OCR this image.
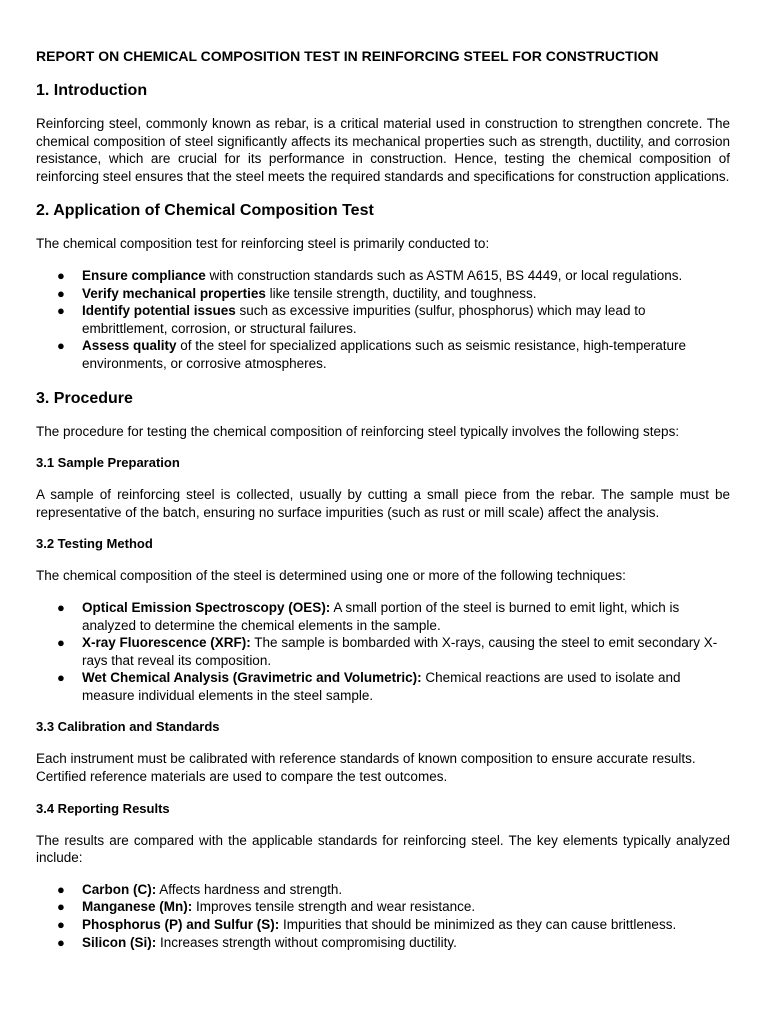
REPORT ON CHEMICAL COMPOSITION TEST IN REINFORCING STEEL FOR CONSTRUCTION
1. Introduction

Reinforcing steel, commonly known as rebar, is a critical material used in construction to strengthen concrete. The chemical composition of steel significantly affects its mechanical properties such as strength, ductility, and corrosion resistance, which are crucial for its performance in construction. Hence, testing the chemical composition of reinforcing steel ensures that the steel meets the required standards and specifications for construction applications.

2. Application of Chemical Composition Test

The chemical composition test for reinforcing steel is primarily conducted to:

● Ensure compliance with construction standards such as ASTM A615, BS 4449, or local regulations.
● Verify mechanical properties like tensile strength, ductility, and toughness.
● Identify potential issues such as excessive impurities (sulfur, phosphorus) which may lead to embrittlement, corrosion, or structural failures.
● Assess quality of the steel for specialized applications such as seismic resistance, high-temperature environments, or corrosive atmospheres.
3. Procedure

The procedure for testing the chemical composition of reinforcing steel typically involves the following steps:

3.1 Sample Preparation

A sample of reinforcing steel is collected, usually by cutting a small piece from the rebar. The sample must be representative of the batch, ensuring no surface impurities (such as rust or mill scale) affect the analysis.

3.2 Testing Method

The chemical composition of the steel is determined using one or more of the following techniques:

● Optical Emission Spectroscopy (OES): A small portion of the steel is burned to emit light, which is analyzed to determine the chemical elements in the sample.
● X-ray Fluorescence (XRF): The sample is bombarded with X-rays, causing the steel to emit secondary X-rays that reveal its composition.
● Wet Chemical Analysis (Gravimetric and Volumetric): Chemical reactions are used to isolate and measure individual elements in the steel sample.
3.3 Calibration and Standards

Each instrument must be calibrated with reference standards of known composition to ensure accurate results. Certified reference materials are used to compare the test outcomes.

3.4 Reporting Results

The results are compared with the applicable standards for reinforcing steel. The key elements typically analyzed include:

● Carbon (C): Affects hardness and strength.
● Manganese (Mn): Improves tensile strength and wear resistance.
● Phosphorus (P) and Sulfur (S): Impurities that should be minimized as they can cause brittleness.
● Silicon (Si): Increases strength without compromising ductility.
